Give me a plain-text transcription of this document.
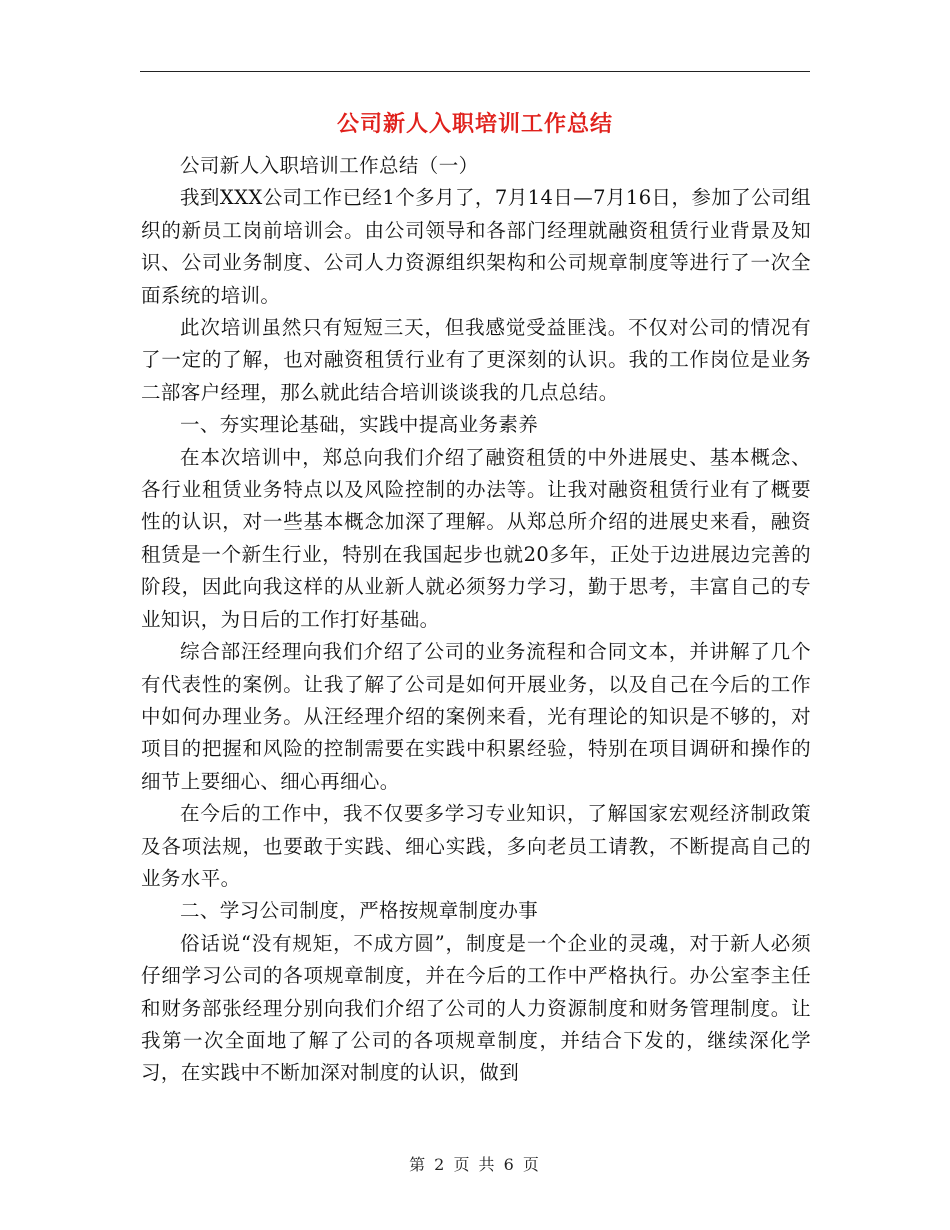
公司新人入职培训工作总结

公司新人入职培训工作总结（一）

我到XXX公司工作已经1个多月了，7月14日—7月16日，参加了公司组织的新员工岗前培训会。由公司领导和各部门经理就融资租赁行业背景及知识、公司业务制度、公司人力资源组织架构和公司规章制度等进行了一次全面系统的培训。

此次培训虽然只有短短三天，但我感觉受益匪浅。不仅对公司的情况有了一定的了解，也对融资租赁行业有了更深刻的认识。我的工作岗位是业务二部客户经理，那么就此结合培训谈谈我的几点总结。

一、夯实理论基础，实践中提高业务素养

在本次培训中，郑总向我们介绍了融资租赁的中外进展史、基本概念、各行业租赁业务特点以及风险控制的办法等。让我对融资租赁行业有了概要性的认识，对一些基本概念加深了理解。从郑总所介绍的进展史来看，融资租赁是一个新生行业，特别在我国起步也就20多年，正处于边进展边完善的阶段，因此向我这样的从业新人就必须努力学习，勤于思考，丰富自己的专业知识，为日后的工作打好基础。

综合部汪经理向我们介绍了公司的业务流程和合同文本，并讲解了几个有代表性的案例。让我了解了公司是如何开展业务，以及自己在今后的工作中如何办理业务。从汪经理介绍的案例来看，光有理论的知识是不够的，对项目的把握和风险的控制需要在实践中积累经验，特别在项目调研和操作的细节上要细心、细心再细心。

在今后的工作中，我不仅要多学习专业知识，了解国家宏观经济制政策及各项法规，也要敢于实践、细心实践，多向老员工请教，不断提高自己的业务水平。

二、学习公司制度，严格按规章制度办事

俗话说“没有规矩，不成方圆”，制度是一个企业的灵魂，对于新人必须仔细学习公司的各项规章制度，并在今后的工作中严格执行。办公室李主任和财务部张经理分别向我们介绍了公司的人力资源制度和财务管理制度。让我第一次全面地了解了公司的各项规章制度，并结合下发的，继续深化学习，在实践中不断加深对制度的认识，做到

第 2 页 共 6 页
